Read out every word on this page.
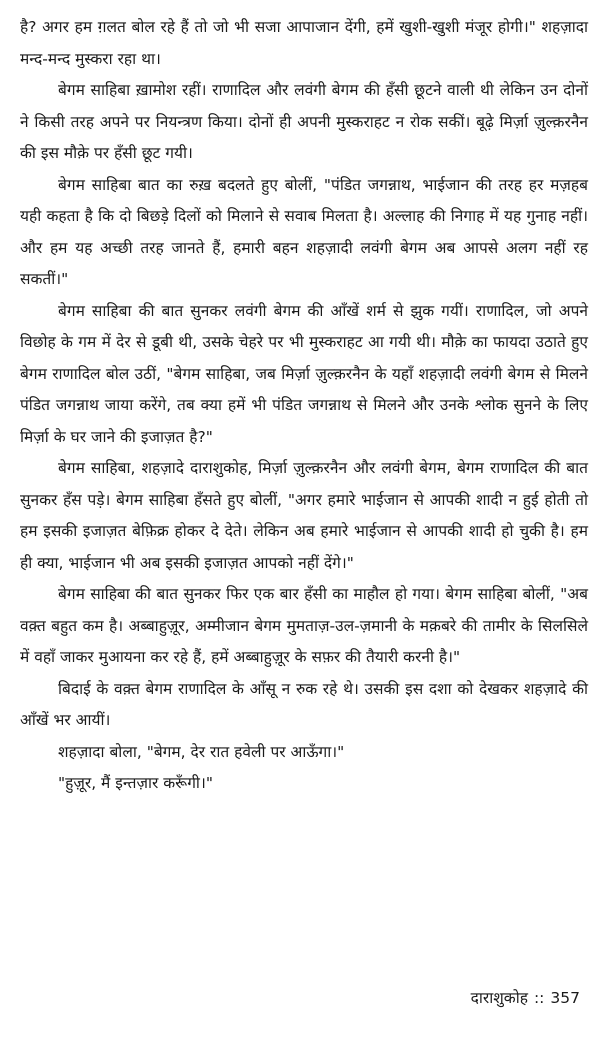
है? अगर हम ग़लत बोल रहे हैं तो जो भी सजा आपाजान देंगी, हमें खुशी-खुशी मंजूर होगी।" शहज़ादा मन्द-मन्द मुस्करा रहा था।

बेगम साहिबा ख़ामोश रहीं। राणादिल और लवंगी बेगम की हँसी छूटने वाली थी लेकिन उन दोनों ने किसी तरह अपने पर नियन्त्रण किया। दोनों ही अपनी मुस्कराहट न रोक सकीं। बूढ़े मिर्ज़ा ज़ुल्क़रनैन की इस मौक़े पर हँसी छूट गयी।

बेगम साहिबा बात का रुख़ बदलते हुए बोलीं, "पंडित जगन्नाथ, भाईजान की तरह हर मज़हब यही कहता है कि दो बिछड़े दिलों को मिलाने से सवाब मिलता है। अल्लाह की निगाह में यह गुनाह नहीं। और हम यह अच्छी तरह जानते हैं, हमारी बहन शहज़ादी लवंगी बेगम अब आपसे अलग नहीं रह सकतीं।"

बेगम साहिबा की बात सुनकर लवंगी बेगम की आँखें शर्म से झुक गयीं। राणादिल, जो अपने विछोह के गम में देर से डूबी थी, उसके चेहरे पर भी मुस्कराहट आ गयी थी। मौक़े का फायदा उठाते हुए बेगम राणादिल बोल उठीं, "बेगम साहिबा, जब मिर्ज़ा ज़ुल्क़रनैन के यहाँ शहज़ादी लवंगी बेगम से मिलने पंडित जगन्नाथ जाया करेंगे, तब क्या हमें भी पंडित जगन्नाथ से मिलने और उनके श्लोक सुनने के लिए मिर्ज़ा के घर जाने की इजाज़त है?"

बेगम साहिबा, शहज़ादे दाराशुकोह, मिर्ज़ा ज़ुल्क़रनैन और लवंगी बेगम, बेगम राणादिल की बात सुनकर हँस पड़े। बेगम साहिबा हँसते हुए बोलीं, "अगर हमारे भाईजान से आपकी शादी न हुई होती तो हम इसकी इजाज़त बेफ़िक्र होकर दे देते। लेकिन अब हमारे भाईजान से आपकी शादी हो चुकी है। हम ही क्या, भाईजान भी अब इसकी इजाज़त आपको नहीं देंगे।"

बेगम साहिबा की बात सुनकर फिर एक बार हँसी का माहौल हो गया। बेगम साहिबा बोलीं, "अब वक़्त बहुत कम है। अब्बाहुज़ूर, अम्मीजान बेगम मुमताज़-उल-ज़मानी के मक़बरे की तामीर के सिलसिले में वहाँ जाकर मुआयना कर रहे हैं, हमें अब्बाहुज़ूर के सफ़र की तैयारी करनी है।"

बिदाई के वक़्त बेगम राणादिल के आँसू न रुक रहे थे। उसकी इस दशा को देखकर शहज़ादे की आँखें भर आयीं।

शहज़ादा बोला, "बेगम, देर रात हवेली पर आऊँगा।"

"हुज़ूर, मैं इन्तज़ार करूँगी।"

दाराशुकोह :: 357
